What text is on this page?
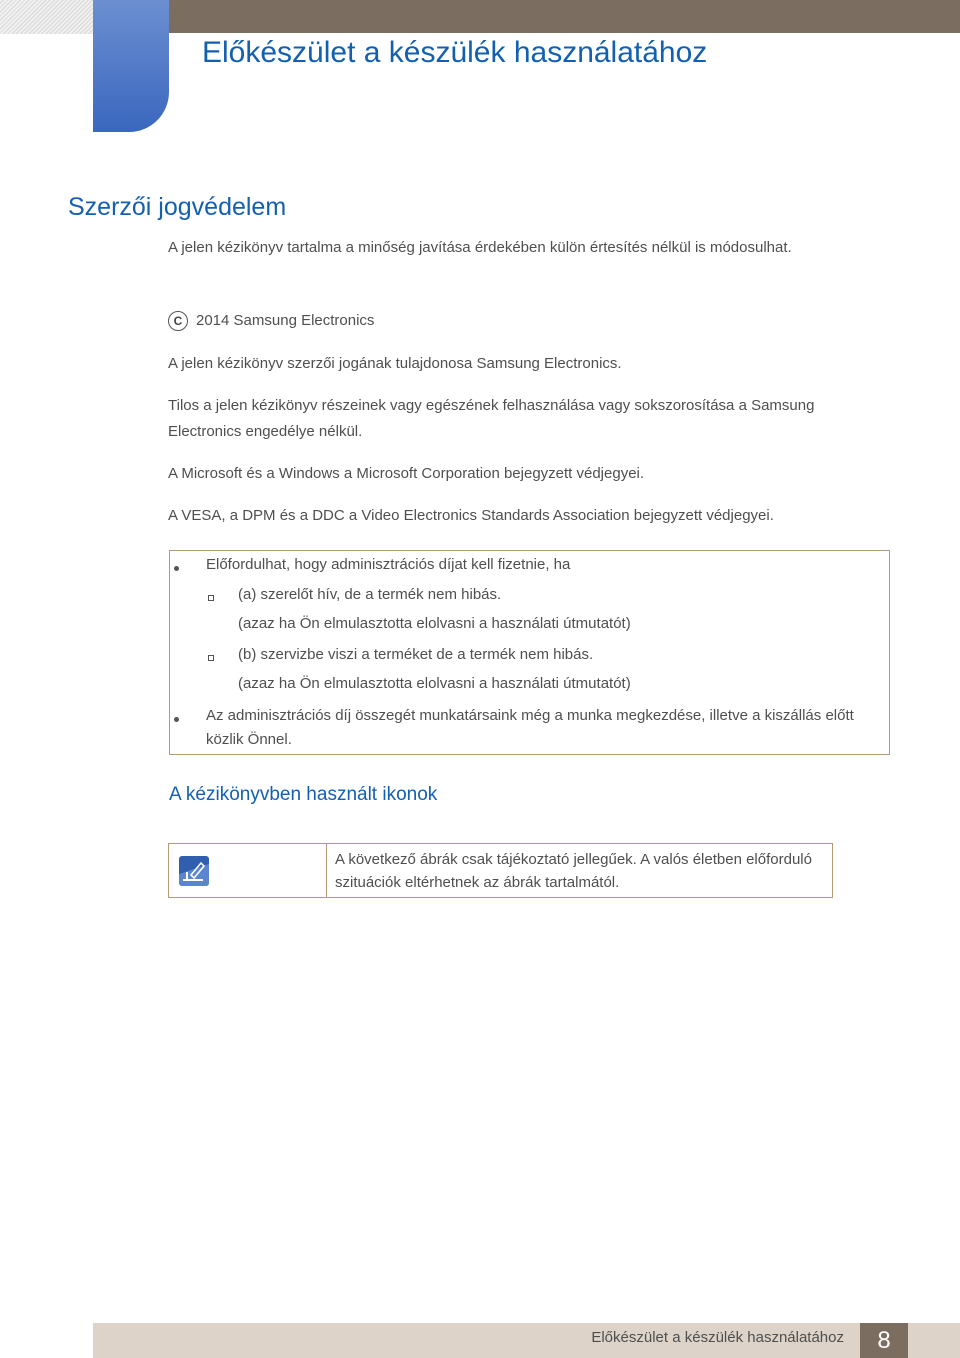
Előkészület a készülék használatához
Szerzői jogvédelem

A jelen kézikönyv tartalma a minőség javítása érdekében külön értesítés nélkül is módosulhat.

C 2014 Samsung Electronics

A jelen kézikönyv szerzői jogának tulajdonosa Samsung Electronics.

Tilos a jelen kézikönyv részeinek vagy egészének felhasználása vagy sokszorosítása a Samsung Electronics engedélye nélkül.

A Microsoft és a Windows a Microsoft Corporation bejegyzett védjegyei.

A VESA, a DPM és a DDC a Video Electronics Standards Association bejegyzett védjegyei.

Előfordulhat, hogy adminisztrációs díjat kell fizetnie, ha
(a) szerelőt hív, de a termék nem hibás.
(azaz ha Ön elmulasztotta elolvasni a használati útmutatót)
(b) szervizbe viszi a terméket de a termék nem hibás.
(azaz ha Ön elmulasztotta elolvasni a használati útmutatót)
Az adminisztrációs díj összegét munkatársaink még a munka megkezdése, illetve a kiszállás előtt közlik Önnel.
A kézikönyvben használt ikonok
A következő ábrák csak tájékoztató jellegűek. A valós életben előforduló szituációk eltérhetnek az ábrák tartalmától.
Előkészület a készülék használatához	8
